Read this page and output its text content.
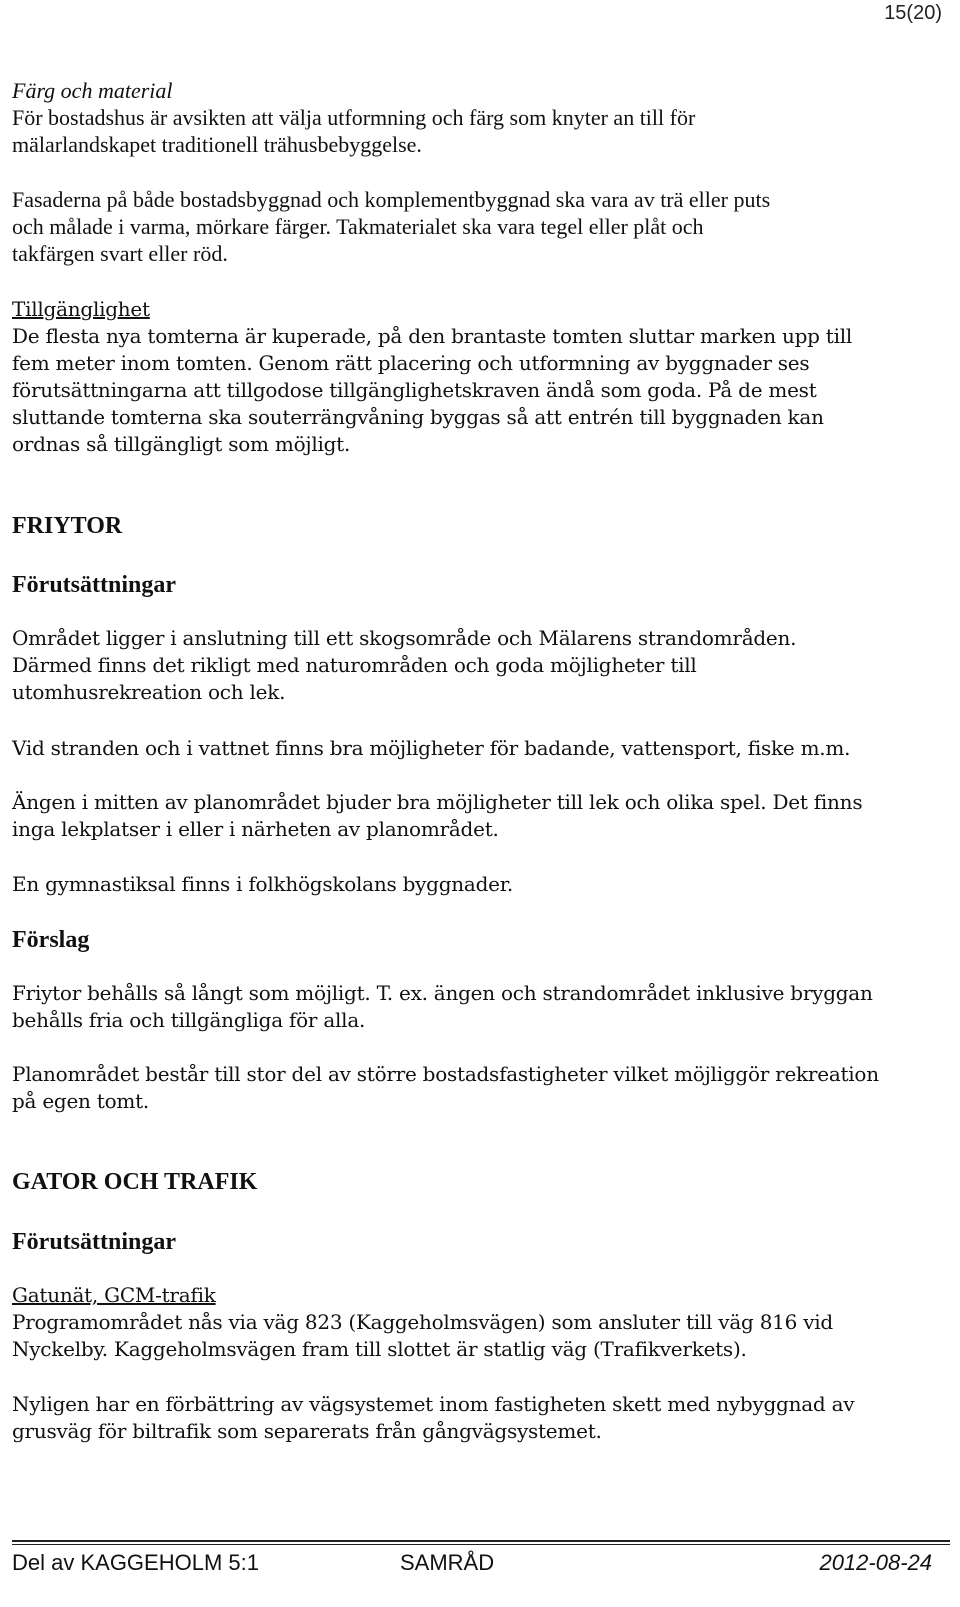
15(20)

Färg och material

För bostadshus är avsikten att välja utformning och färg som knyter an till för

mälarlandskapet traditionell trähusbebyggelse.

Fasaderna på både bostadsbyggnad och komplementbyggnad ska vara av trä eller puts

och målade i varma, mörkare färger. Takmaterialet ska vara tegel eller plåt och

takfärgen svart eller röd.

Tillgänglighet

De flesta nya tomterna är kuperade, på den brantaste tomten sluttar marken upp till

fem meter inom tomten. Genom rätt placering och utformning av byggnader ses

förutsättningarna att tillgodose tillgänglighetskraven ändå som goda. På de mest

sluttande tomterna ska souterrängvåning byggas så att entrén till byggnaden kan

ordnas så tillgängligt som möjligt.

FRIYTOR
Förutsättningar

Området ligger i anslutning till ett skogsområde och Mälarens strandområden.

Därmed finns det rikligt med naturområden och goda möjligheter till

utomhusrekreation och lek.

Vid stranden och i vattnet finns bra möjligheter för badande, vattensport, fiske m.m.

Ängen i mitten av planområdet bjuder bra möjligheter till lek och olika spel. Det finns

inga lekplatser i eller i närheten av planområdet.

En gymnastiksal finns i folkhögskolans byggnader.

Förslag

Friytor behålls så långt som möjligt. T. ex. ängen och strandområdet inklusive bryggan

behålls fria och tillgängliga för alla.

Planområdet består till stor del av större bostadsfastigheter vilket möjliggör rekreation

på egen tomt.

GATOR OCH TRAFIK
Förutsättningar

Gatunät, GCM-trafik

Programområdet nås via väg 823 (Kaggeholmsvägen) som ansluter till väg 816 vid

Nyckelby. Kaggeholmsvägen fram till slottet är statlig väg (Trafikverkets).

Nyligen har en förbättring av vägsystemet inom fastigheten skett med nybyggnad av

grusväg för biltrafik som separerats från gångvägsystemet.

Del av KAGGEHOLM 5:1	SAMRÅD	2012-08-24
